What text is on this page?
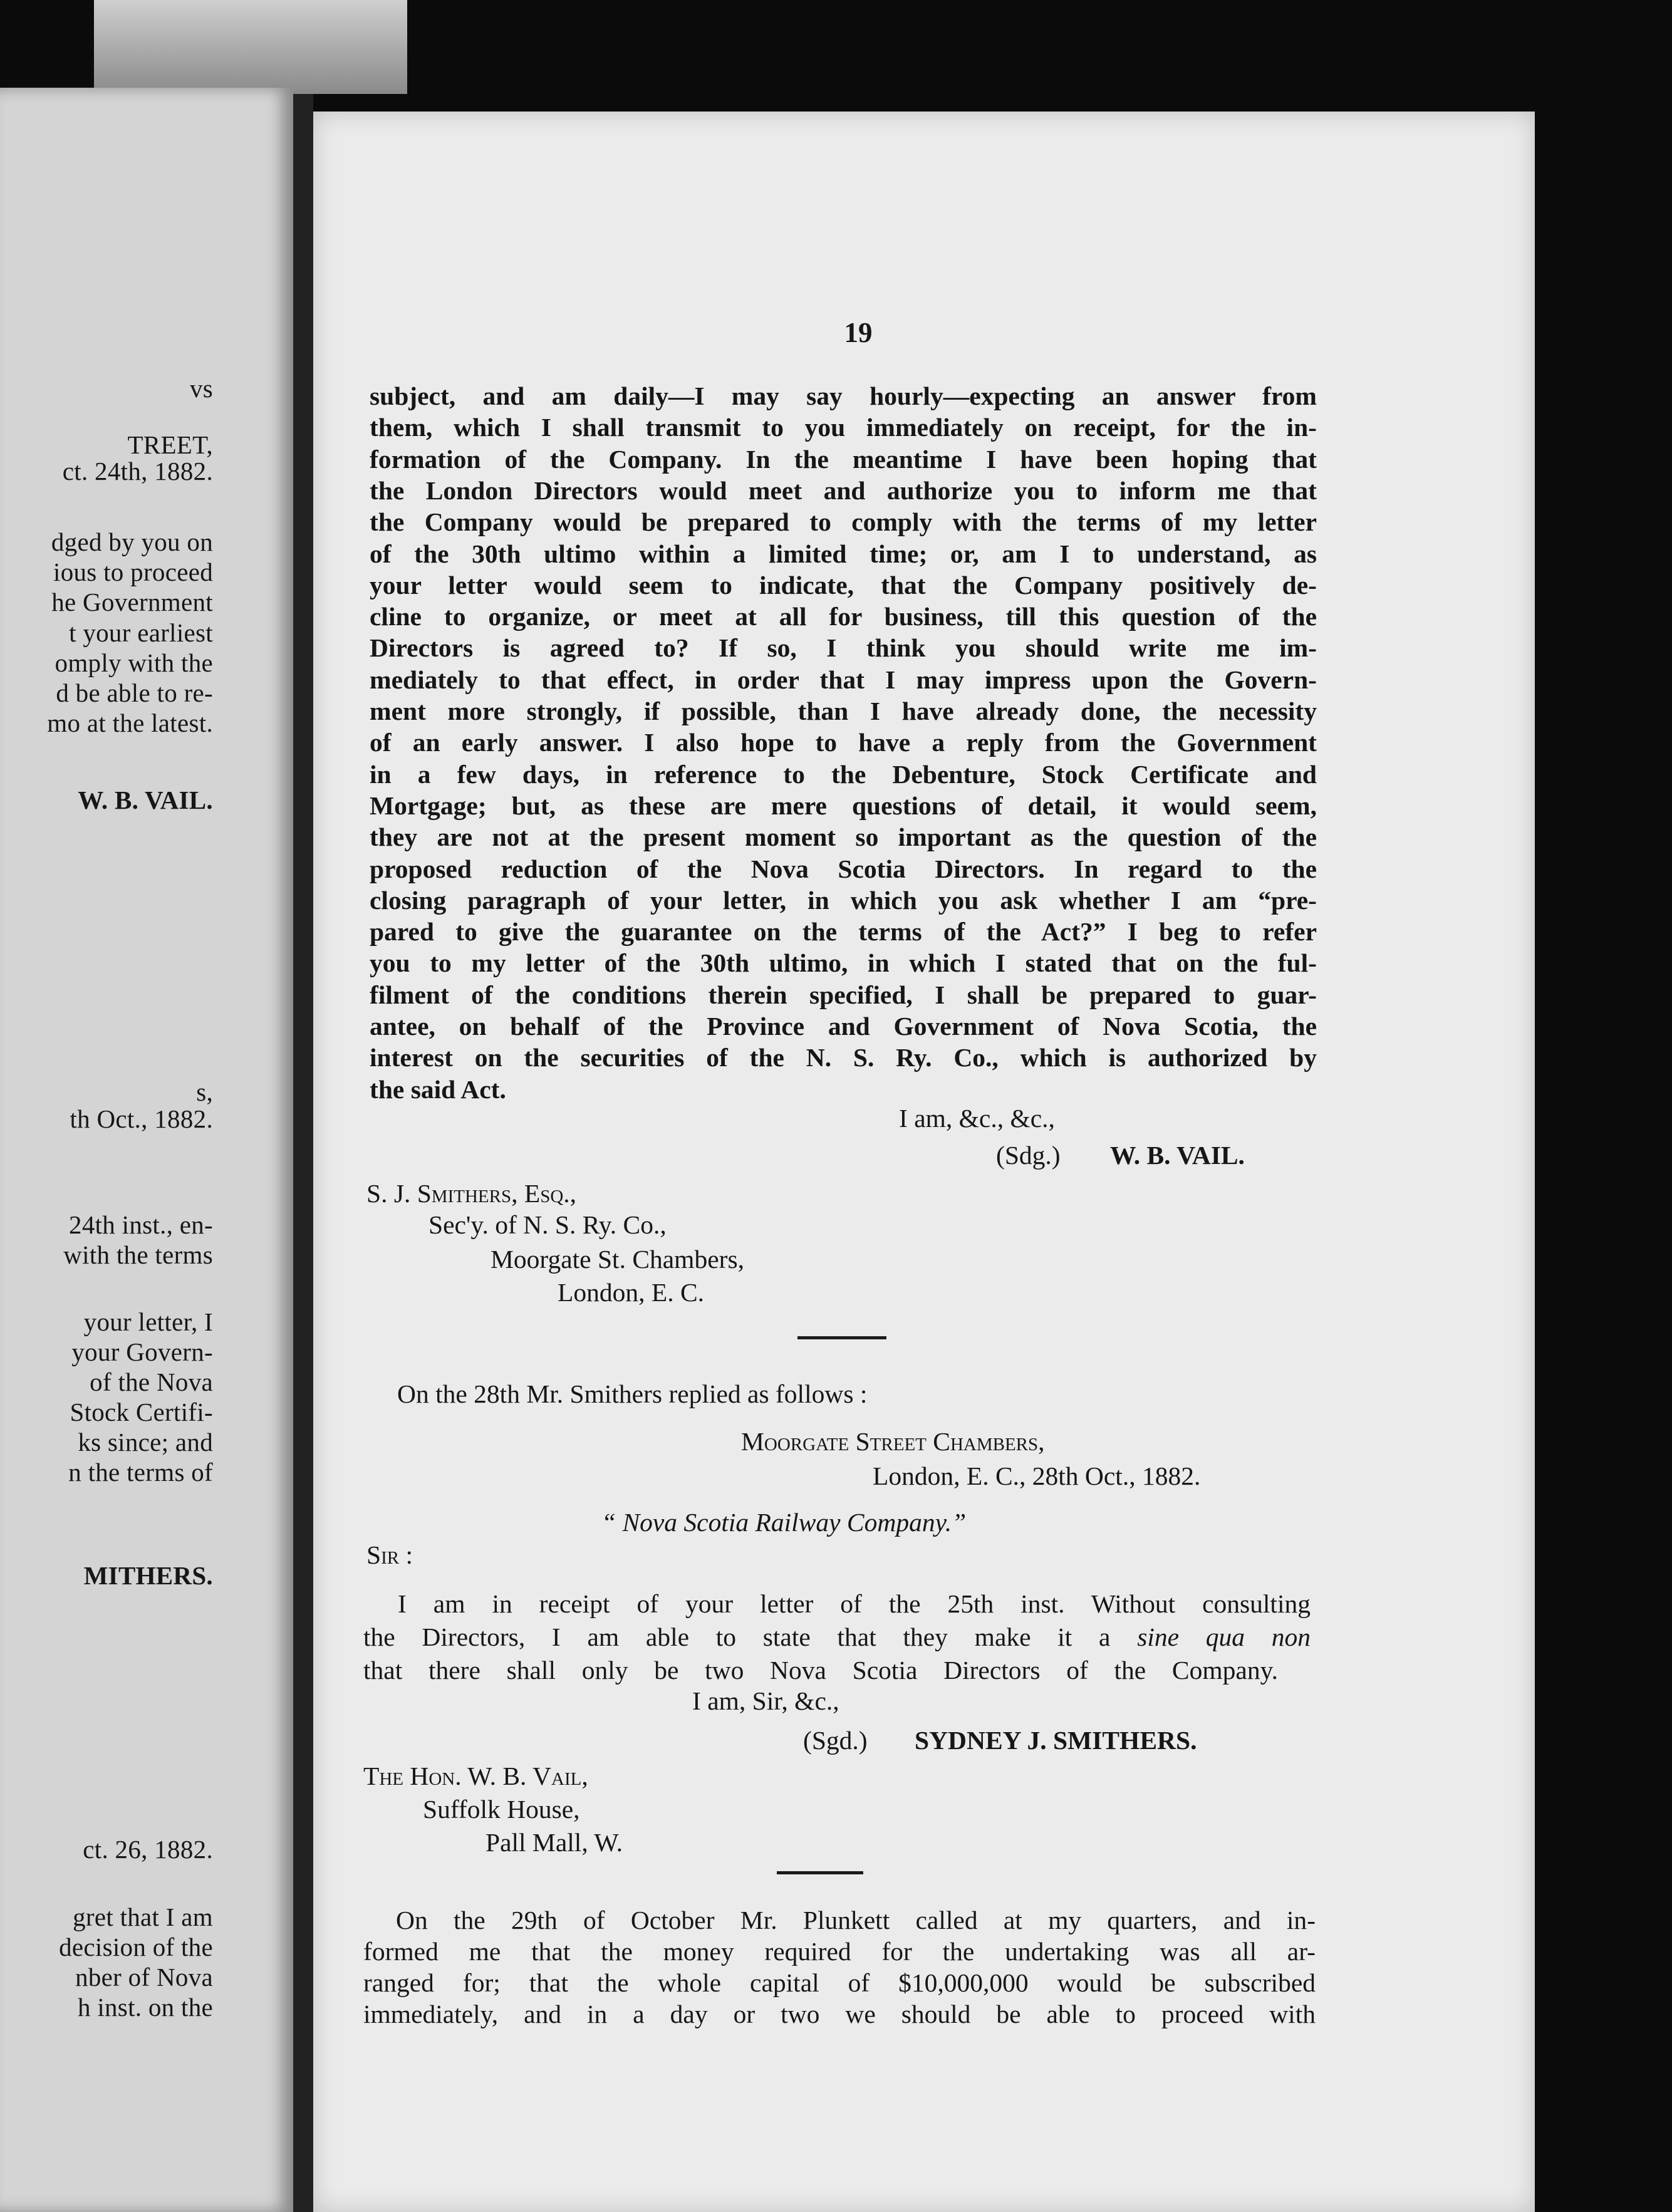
vs
TREET,
ct. 24th, 1882.
dged by you on
ious to proceed
he Government
t your earliest
omply with the
d be able to re-
mo at the latest.
W. B. VAIL.
s,
th Oct., 1882.
24th inst., en-
with the terms
your letter, I
your Govern-
of the Nova
Stock Certifi-
ks since; and
n the terms of
MITHERS.
ct. 26, 1882.
gret that I am
decision of the
nber of Nova
h inst. on the
19
subject, and am daily—I may say hourly—expecting an answer from
them, which I shall transmit to you immediately on receipt, for the in-
formation of the Company. In the meantime I have been hoping that
the London Directors would meet and authorize you to inform me that
the Company would be prepared to comply with the terms of my letter
of the 30th ultimo within a limited time; or, am I to understand, as
your letter would seem to indicate, that the Company positively de-
cline to organize, or meet at all for business, till this question of the
Directors is agreed to? If so, I think you should write me im-
mediately to that effect, in order that I may impress upon the Govern-
ment more strongly, if possible, than I have already done, the necessity
of an early answer. I also hope to have a reply from the Government
in a few days, in reference to the Debenture, Stock Certificate and
Mortgage; but, as these are mere questions of detail, it would seem,
they are not at the present moment so important as the question of the
proposed reduction of the Nova Scotia Directors. In regard to the
closing paragraph of your letter, in which you ask whether I am “pre-
pared to give the guarantee on the terms of the Act?” I beg to refer
you to my letter of the 30th ultimo, in which I stated that on the ful-
filment of the conditions therein specified, I shall be prepared to guar-
antee, on behalf of the Province and Government of Nova Scotia, the
interest on the securities of the N. S. Ry. Co., which is authorized by
the said Act.
I am, &c., &c.,
(Sdg.) W. B. VAIL.
S. J. Smithers, Esq.,
Sec'y. of N. S. Ry. Co.,
Moorgate St. Chambers,
London, E. C.
On the 28th Mr. Smithers replied as follows :
Moorgate Street Chambers,
London, E. C., 28th Oct., 1882.
“ Nova Scotia Railway Company.”
Sir :
I am in receipt of your letter of the 25th inst. Without consulting
the Directors, I am able to state that they make it a sine qua non
that there shall only be two Nova Scotia Directors of the Company.
I am, Sir, &c.,
(Sgd.) SYDNEY J. SMITHERS.
The Hon. W. B. Vail,
Suffolk House,
Pall Mall, W.
On the 29th of October Mr. Plunkett called at my quarters, and in-
formed me that the money required for the undertaking was all ar-
ranged for; that the whole capital of $10,000,000 would be subscribed
immediately, and in a day or two we should be able to proceed with
